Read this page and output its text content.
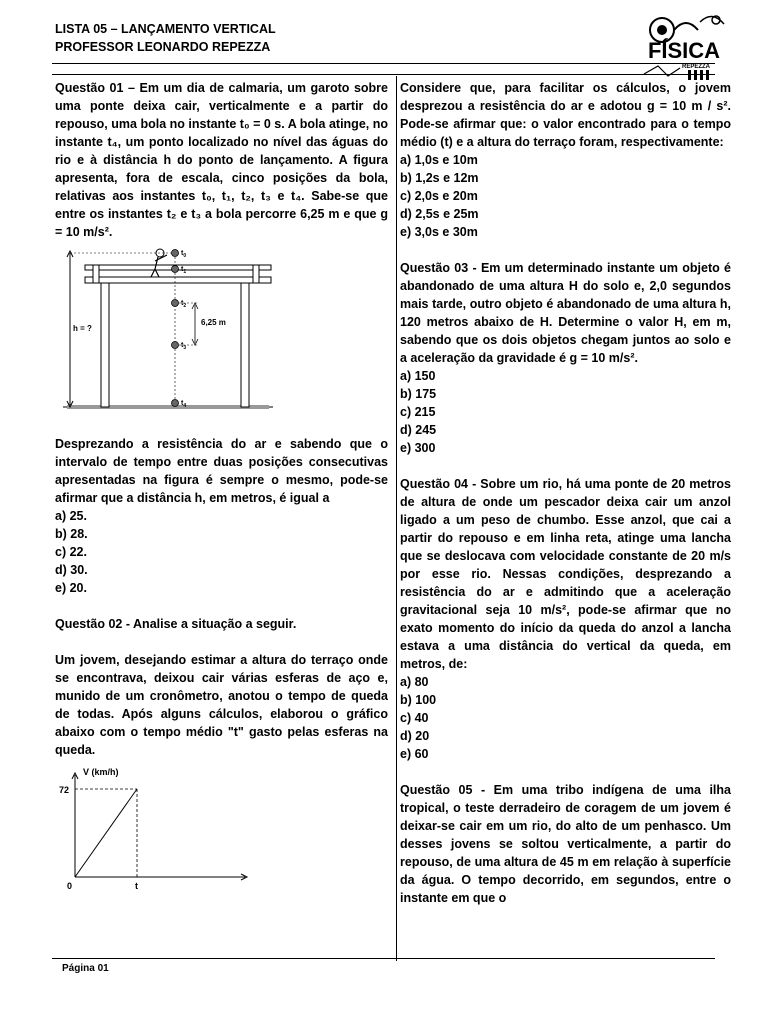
LISTA 05 – LANÇAMENTO VERTICAL
PROFESSOR LEONARDO REPEZZA	FÍSICA
REPEZZA

Questão 01 – Em um dia de calmaria, um garoto sobre uma ponte deixa cair, verticalmente e a partir do repouso, uma bola no instante t₀ = 0 s. A bola atinge, no instante t₄, um ponto localizado no nível das águas do rio e à distância h do ponto de lançamento. A figura apresenta, fora de escala, cinco posições da bola, relativas aos instantes t₀, t₁, t₂, t₃ e t₄. Sabe-se que entre os instantes t₂ e t₃ a bola percorre 6,25 m e que g = 10 m/s².

h = ?
$t_0$
$t_1$
$t_2$
$t_3$
$t_4$
6,25 m

Desprezando a resistência do ar e sabendo que o intervalo de tempo entre duas posições consecutivas apresentadas na figura é sempre o mesmo, pode-se afirmar que a distância h, em metros, é igual a

a) 25.

b) 28.

c) 22.

d) 30.

e) 20.

Questão 02 - Analise a situação a seguir.

Um jovem, desejando estimar a altura do terraço onde se encontrava, deixou cair várias esferas de aço e, munido de um cronômetro, anotou o tempo de queda de todas. Após alguns cálculos, elaborou o gráfico abaixo com o tempo médio "t" gasto pelas esferas na queda.

V (km/h)
72
0	t

Considere que, para facilitar os cálculos, o jovem desprezou a resistência do ar e adotou g = 10 m / s². Pode-se afirmar que: o valor encontrado para o tempo médio (t) e a altura do terraço foram, respectivamente:

a) 1,0s e 10m

b) 1,2s e 12m

c) 2,0s e 20m

d) 2,5s e 25m

e) 3,0s e 30m

Questão 03 - Em um determinado instante um objeto é abandonado de uma altura H do solo e, 2,0 segundos mais tarde, outro objeto é abandonado de uma altura h, 120 metros abaixo de H. Determine o valor H, em m, sabendo que os dois objetos chegam juntos ao solo e a aceleração da gravidade é g = 10 m/s².

a) 150

b) 175

c) 215

d) 245

e) 300

Questão 04 - Sobre um rio, há uma ponte de 20 metros de altura de onde um pescador deixa cair um anzol ligado a um peso de chumbo. Esse anzol, que cai a partir do repouso e em linha reta, atinge uma lancha que se deslocava com velocidade constante de 20 m/s por esse rio. Nessas condições, desprezando a resistência do ar e admitindo que a aceleração gravitacional seja 10 m/s², pode-se afirmar que no exato momento do início da queda do anzol a lancha estava a uma distância do vertical da queda, em metros, de:

a) 80

b) 100

c) 40

d) 20

e) 60

Questão 05 - Em uma tribo indígena de uma ilha tropical, o teste derradeiro de coragem de um jovem é deixar-se cair em um rio, do alto de um penhasco. Um desses jovens se soltou verticalmente, a partir do repouso, de uma altura de 45 m em relação à superfície da água. O tempo decorrido, em segundos, entre o instante em que o

Página 01
